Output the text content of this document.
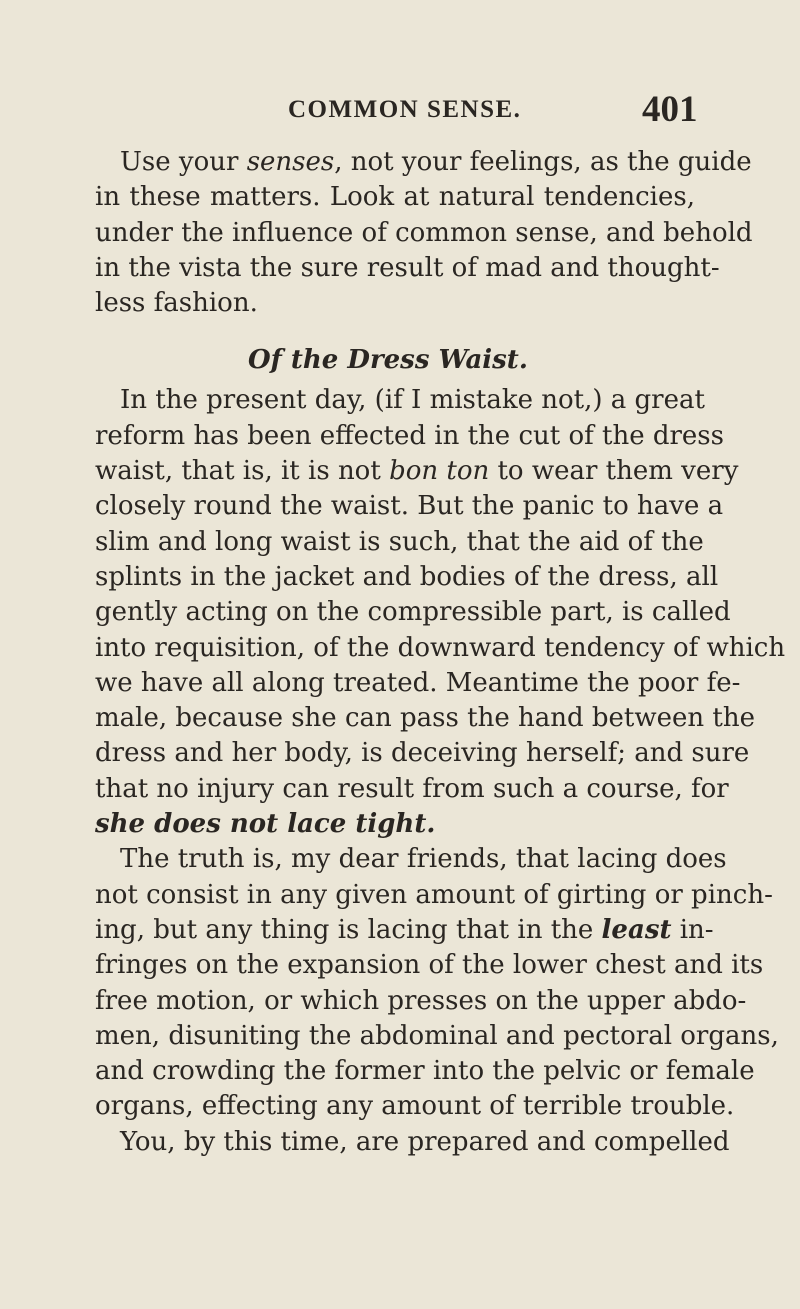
COMMON SENSE.	401
Use your senses, not your feelings, as the guide
in these matters. Look at natural tendencies,
under the influence of common sense, and behold
in the vista the sure result of mad and thought-
less fashion.
Of the Dress Waist.
In the present day, (if I mistake not,) a great
reform has been effected in the cut of the dress
waist, that is, it is not bon ton to wear them very
closely round the waist. But the panic to have a
slim and long waist is such, that the aid of the
splints in the jacket and bodies of the dress, all
gently acting on the compressible part, is called
into requisition, of the downward tendency of which
we have all along treated. Meantime the poor fe-
male, because she can pass the hand between the
dress and her body, is deceiving herself; and sure
that no injury can result from such a course, for
she does not lace tight.
The truth is, my dear friends, that lacing does
not consist in any given amount of girting or pinch-
ing, but any thing is lacing that in the least in-
fringes on the expansion of the lower chest and its
free motion, or which presses on the upper abdo-
men, disuniting the abdominal and pectoral organs,
and crowding the former into the pelvic or female
organs, effecting any amount of terrible trouble.
You, by this time, are prepared and compelled
